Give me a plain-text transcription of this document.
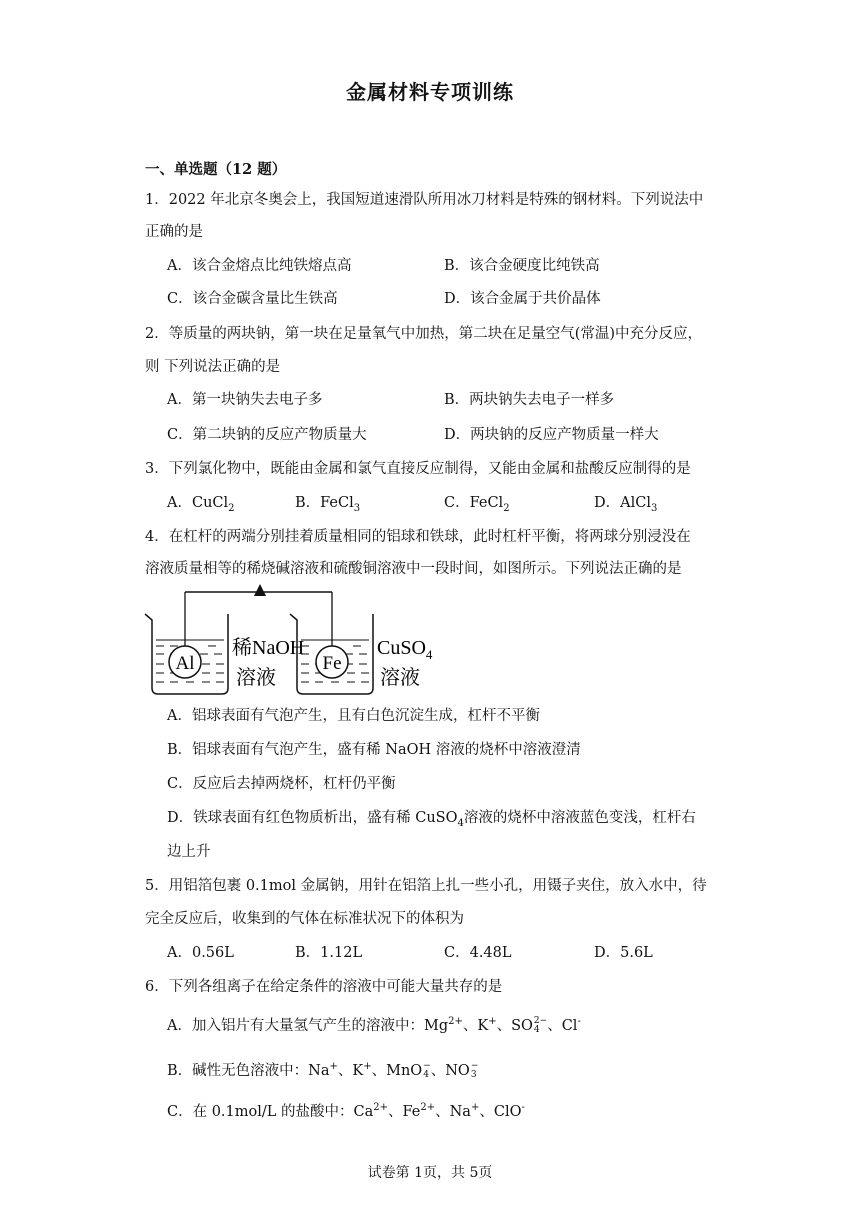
金属材料专项训练
一、单选题（12 题）
1．2022 年北京冬奥会上，我国短道速滑队所用冰刀材料是特殊的钢材料。下列说法中
正确的是
A．该合金熔点比纯铁熔点高	B．该合金硬度比纯铁高
C．该合金碳含量比生铁高	D．该合金属于共价晶体
2．等质量的两块钠，第一块在足量氧气中加热，第二块在足量空气(常温)中充分反应，
则 下列说法正确的是
A．第一块钠失去电子多	B．两块钠失去电子一样多
C．第二块钠的反应产物质量大	D．两块钠的反应产物质量一样大
3．下列氯化物中，既能由金属和氯气直接反应制得，又能由金属和盐酸反应制得的是
A．CuCl$_2$	B．FeCl$_3$	C．FeCl$_2$	D．AlCl$_3$
4．在杠杆的两端分别挂着质量相同的铝球和铁球，此时杠杆平衡，将两球分别浸没在
溶液质量相等的稀烧碱溶液和硫酸铜溶液中一段时间，如图所示。下列说法正确的是
Al
稀NaOH
溶液
Fe
CuSO$_4$
溶液
A．铝球表面有气泡产生，且有白色沉淀生成，杠杆不平衡
B．铝球表面有气泡产生，盛有稀 NaOH 溶液的烧杯中溶液澄清
C．反应后去掉两烧杯，杠杆仍平衡
D．铁球表面有红色物质析出，盛有稀 CuSO$_4$溶液的烧杯中溶液蓝色变浅，杠杆右
边上升
5．用铝箔包裹 0.1mol 金属钠，用针在铝箔上扎一些小孔，用镊子夹住，放入水中，待
完全反应后，收集到的气体在标准状况下的体积为
A．0.56L	B．1.12L	C．4.48L	D．5.6L
6．下列各组离子在给定条件的溶液中可能大量共存的是
A．加入铝片有大量氢气产生的溶液中：$Mg^{2+}$、K+、SO 2−
4 、Cl-
B．碱性无色溶液中：Na+、K+、MnO −
4 、NO −
3
C．在 0.1mol/L 的盐酸中：$Ca^{2+}$、$Fe^{2+}$、Na+、ClO-
试卷第 1页，共 5页
